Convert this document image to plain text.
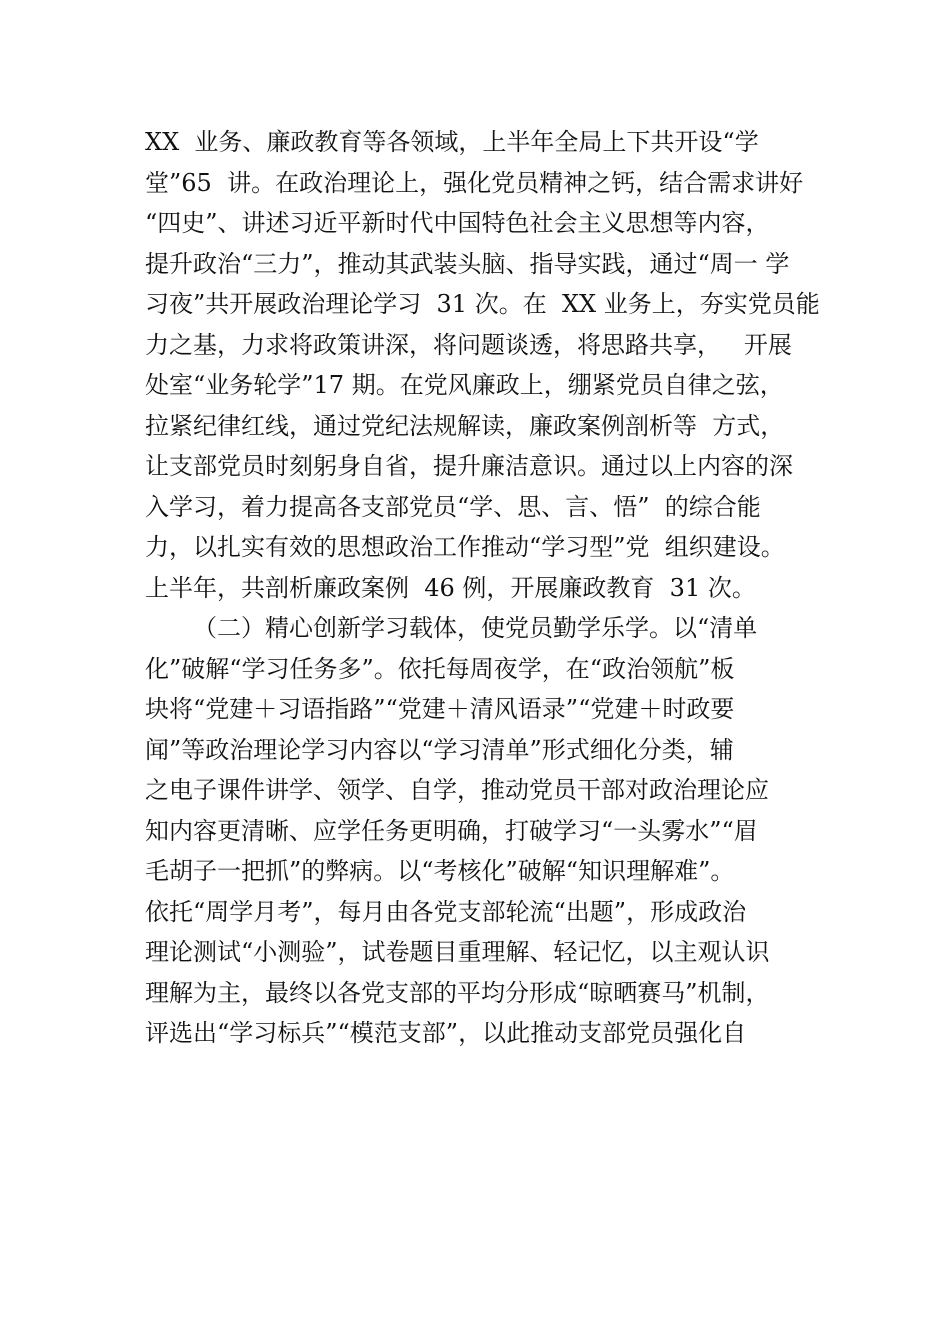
XX  业务、廉政教育等各领域，上半年全局上下共开设“学
堂”65  讲。在政治理论上，强化党员精神之钙，结合需求讲好
“四史”、讲述习近平新时代中国特色社会主义思想等内容，
提升政治“三力”，推动其武装头脑、指导实践，通过“周一 学
习夜”共开展政治理论学习  31 次。在  XX 业务上，夯实党员能
力之基，力求将政策讲深，将问题谈透，将思路共享，   开展
处室“业务轮学”17 期。在党风廉政上，绷紧党员自律之弦，
拉紧纪律红线，通过党纪法规解读，廉政案例剖析等  方式，
让支部党员时刻躬身自省，提升廉洁意识。通过以上内容的深
入学习，着力提高各支部党员“学、思、言、悟”  的综合能
力，以扎实有效的思想政治工作推动“学习型”党  组织建设。
上半年，共剖析廉政案例  46 例，开展廉政教育  31 次。
（二）精心创新学习载体，使党员勤学乐学。以“清单
化”破解“学习任务多”。依托每周夜学，在“政治领航”板
块将“党建＋习语指路”“党建＋清风语录”“党建＋时政要
闻”等政治理论学习内容以“学习清单”形式细化分类，辅
之电子课件讲学、领学、自学，推动党员干部对政治理论应
知内容更清晰、应学任务更明确，打破学习“一头雾水”“眉
毛胡子一把抓”的弊病。以“考核化”破解“知识理解难”。
依托“周学月考”，每月由各党支部轮流“出题”，形成政治
理论测试“小测验”，试卷题目重理解、轻记忆，以主观认识
理解为主，最终以各党支部的平均分形成“晾晒赛马”机制，
评选出“学习标兵”“模范支部”，以此推动支部党员强化自
